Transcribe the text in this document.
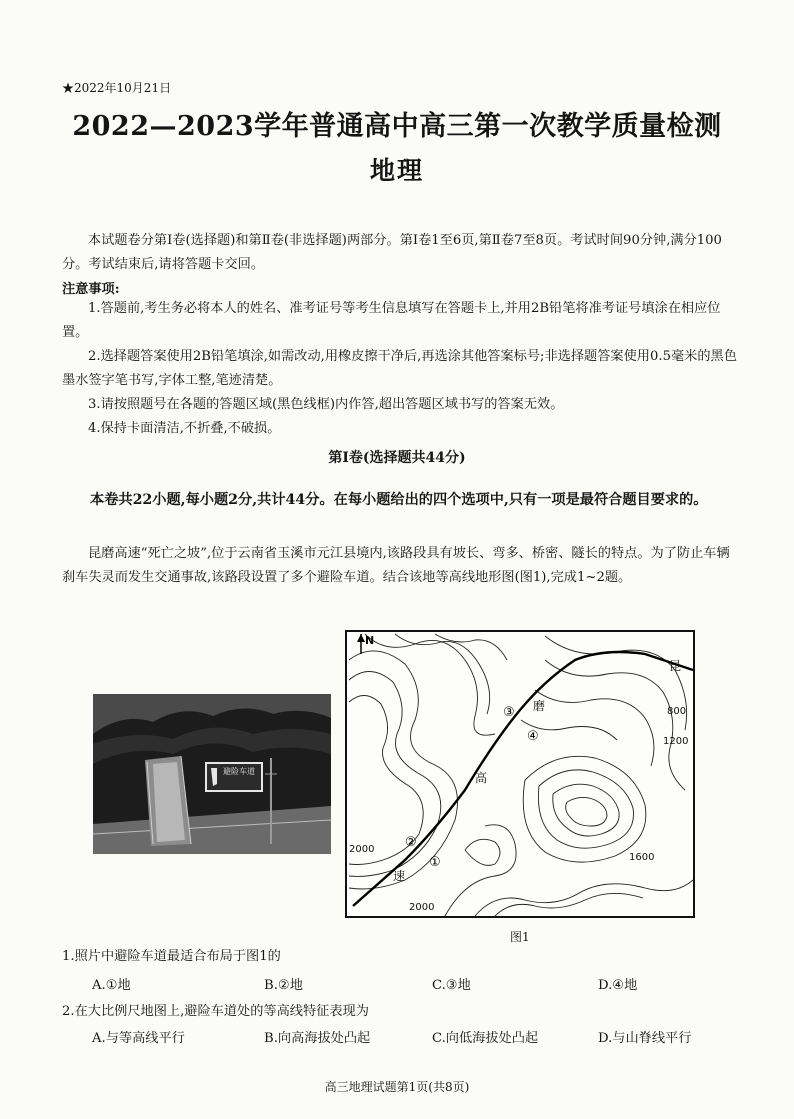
★2022年10月21日
2022—2023学年普通高中高三第一次教学质量检测
地理
本试题卷分第Ⅰ卷(选择题)和第Ⅱ卷(非选择题)两部分。第Ⅰ卷1至6页,第Ⅱ卷7至8页。考试时间90分钟,满分100分。考试结束后,请将答题卡交回。
注意事项:

1.答题前,考生务必将本人的姓名、准考证号等考生信息填写在答题卡上,并用2B铅笔将准考证号填涂在相应位置。

2.选择题答案使用2B铅笔填涂,如需改动,用橡皮擦干净后,再选涂其他答案标号;非选择题答案使用0.5毫米的黑色墨水签字笔书写,字体工整,笔迹清楚。

3.请按照题号在各题的答题区域(黑色线框)内作答,超出答题区域书写的答案无效。

4.保持卡面清洁,不折叠,不破损。

第Ⅰ卷(选择题共44分)
本卷共22小题,每小题2分,共计44分。在每小题给出的四个选项中,只有一项是最符合题目要求的。
昆磨高速“死亡之坡”,位于云南省玉溪市元江县境内,该路段具有坡长、弯多、桥密、隧长的特点。为了防止车辆刹车失灵而发生交通事故,该路段设置了多个避险车道。结合该地等高线地形图(图1),完成1~2题。
避险车道
N
昆
磨
高
速
800
1200
1600
2000
2000
③
④
②
①
图1
1.照片中避险车道最适合布局于图1的
A.①地	B.②地	C.③地	D.④地
2.在大比例尺地图上,避险车道处的等高线特征表现为
A.与等高线平行	B.向高海拔处凸起	C.向低海拔处凸起	D.与山脊线平行
高三地理试题第1页(共8页)
